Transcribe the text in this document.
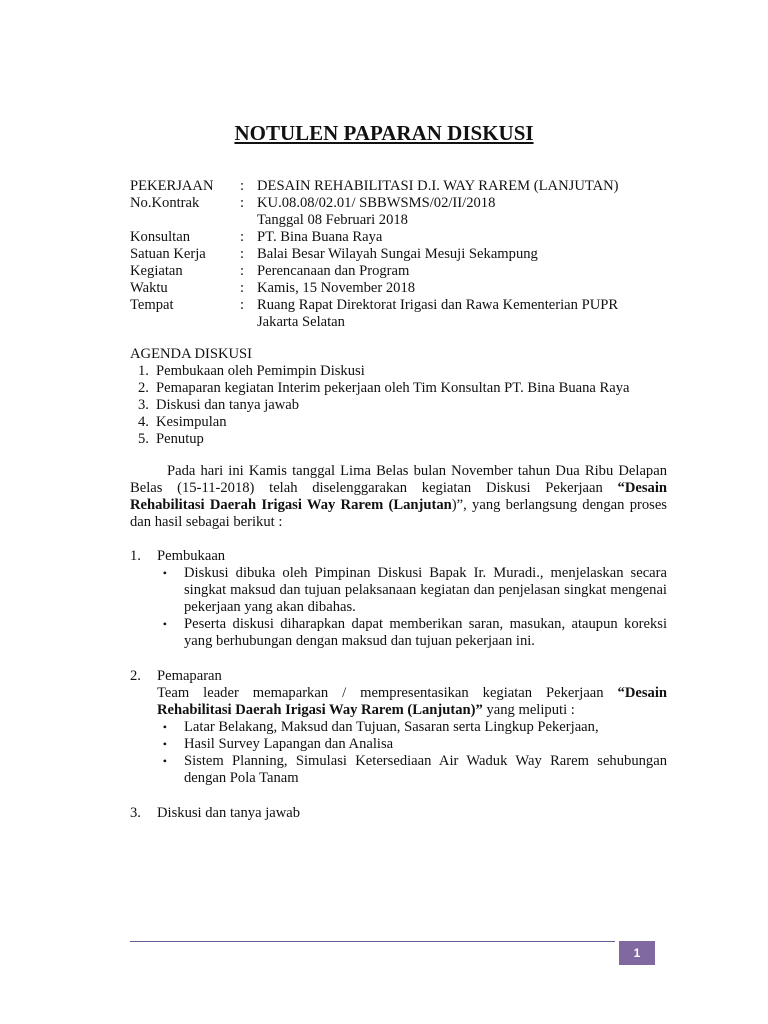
NOTULEN PAPARAN DISKUSI
PEKERJAAN	: DESAIN REHABILITASI D.I. WAY RAREM (LANJUTAN)
No.Kontrak	: KU.08.08/02.01/ SBBWSMS/02/II/2018
Tanggal 08 Februari 2018
Konsultan	: PT. Bina Buana Raya
Satuan Kerja	: Balai Besar Wilayah Sungai Mesuji Sekampung
Kegiatan	: Perencanaan dan Program
Waktu	: Kamis, 15 November 2018
Tempat	: Ruang Rapat Direktorat Irigasi dan Rawa Kementerian PUPR
Jakarta Selatan
AGENDA DISKUSI
1. Pembukaan oleh Pemimpin Diskusi
2. Pemaparan kegiatan Interim pekerjaan oleh Tim Konsultan PT. Bina Buana Raya
3. Diskusi dan tanya jawab
4. Kesimpulan
5. Penutup
Pada hari ini Kamis tanggal Lima Belas bulan November tahun Dua Ribu Delapan Belas (15-11-2018) telah diselenggarakan kegiatan Diskusi Pekerjaan “Desain Rehabilitasi Daerah Irigasi Way Rarem (Lanjutan)”, yang berlangsung dengan proses dan hasil sebagai berikut :
1.	Pembukaan
•	Diskusi dibuka oleh Pimpinan Diskusi Bapak Ir. Muradi., menjelaskan secara singkat maksud dan tujuan pelaksanaan kegiatan dan penjelasan singkat mengenai pekerjaan yang akan dibahas.
•	Peserta diskusi diharapkan dapat memberikan saran, masukan, ataupun koreksi yang berhubungan dengan maksud dan tujuan pekerjaan ini.
2.	Pemaparan
Team leader memaparkan / mempresentasikan kegiatan Pekerjaan “Desain Rehabilitasi Daerah Irigasi Way Rarem (Lanjutan)” yang meliputi :
•	Latar Belakang, Maksud dan Tujuan, Sasaran serta Lingkup Pekerjaan,
•	Hasil Survey Lapangan dan Analisa
•	Sistem Planning, Simulasi Ketersediaan Air Waduk Way Rarem sehubungan dengan Pola Tanam
3.	Diskusi dan tanya jawab
1
